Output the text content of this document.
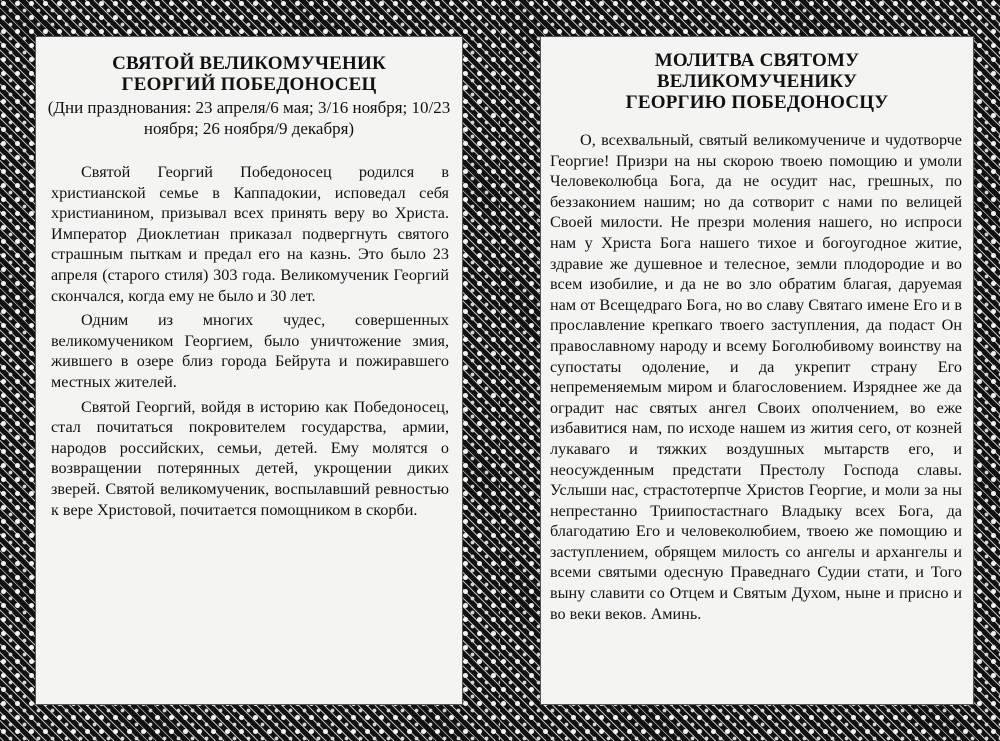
СВЯТОЙ ВЕЛИКОМУЧЕНИК
ГЕОРГИЙ ПОБЕДОНОСЕЦ

(Дни празднования: 23 апреля/6 мая; 3/16 ноября; 10/23 ноября; 26 ноября/9 декабря)

Святой Георгий Победоносец родился в христианской семье в Каппадокии, исповедал себя христианином, призывал всех принять веру во Христа. Император Диоклетиан приказал подвергнуть святого страшным пыткам и предал его на казнь. Это было 23 апреля (старого стиля) 303 года. Великомученик Георгий скончался, когда ему не было и 30 лет.

Одним из многих чудес, совершенных великомучеником Георгием, было уничтожение змия, жившего в озере близ города Бейрута и пожиравшего местных жителей.

Святой Георгий, войдя в историю как Победоносец, стал почитаться покровителем государства, армии, народов российских, семьи, детей. Ему молятся о возвращении потерянных детей, укрощении диких зверей. Святой великомученик, воспылавший ревностью к вере Христовой, почитается помощником в скорби.

МОЛИТВА СВЯТОМУ
ВЕЛИКОМУЧЕНИКУ
ГЕОРГИЮ ПОБЕДОНОСЦУ

О, всехвальный, святый великомучениче и чудотворче Георгие! Призри на ны скорою твоею помощию и умоли Человеколюбца Бога, да не осудит нас, грешных, по беззаконием нашим; но да сотворит с нами по велицей Своей милости. Не презри моления нашего, но испроси нам у Христа Бога нашего тихое и богоугодное житие, здравие же душевное и телесное, земли плодородие и во всем изобилие, и да не во зло обратим благая, даруемая нам от Всещедраго Бога, но во славу Святаго имене Его и в прославление крепкаго твоего заступления, да подаст Он православному народу и всему Боголюбивому воинству на супостаты одоление, и да укрепит страну Его непременяемым миром и благословением. Изряднее же да оградит нас святых ангел Своих ополчением, во еже избавитися нам, по исходе нашем из жития сего, от козней лукаваго и тяжких воздушных мытарств его, и неосужденным предстати Престолу Господа славы. Услыши нас, страстотерпче Христов Георгие, и моли за ны непрестанно Триипостастнаго Владыку всех Бога, да благодатию Его и человеколюбием, твоею же помощию и заступлением, обрящем милость со ангелы и архангелы и всеми святыми одесную Праведнаго Судии стати, и Того выну славити со Отцем и Святым Духом, ныне и присно и во веки веков. Аминь.
